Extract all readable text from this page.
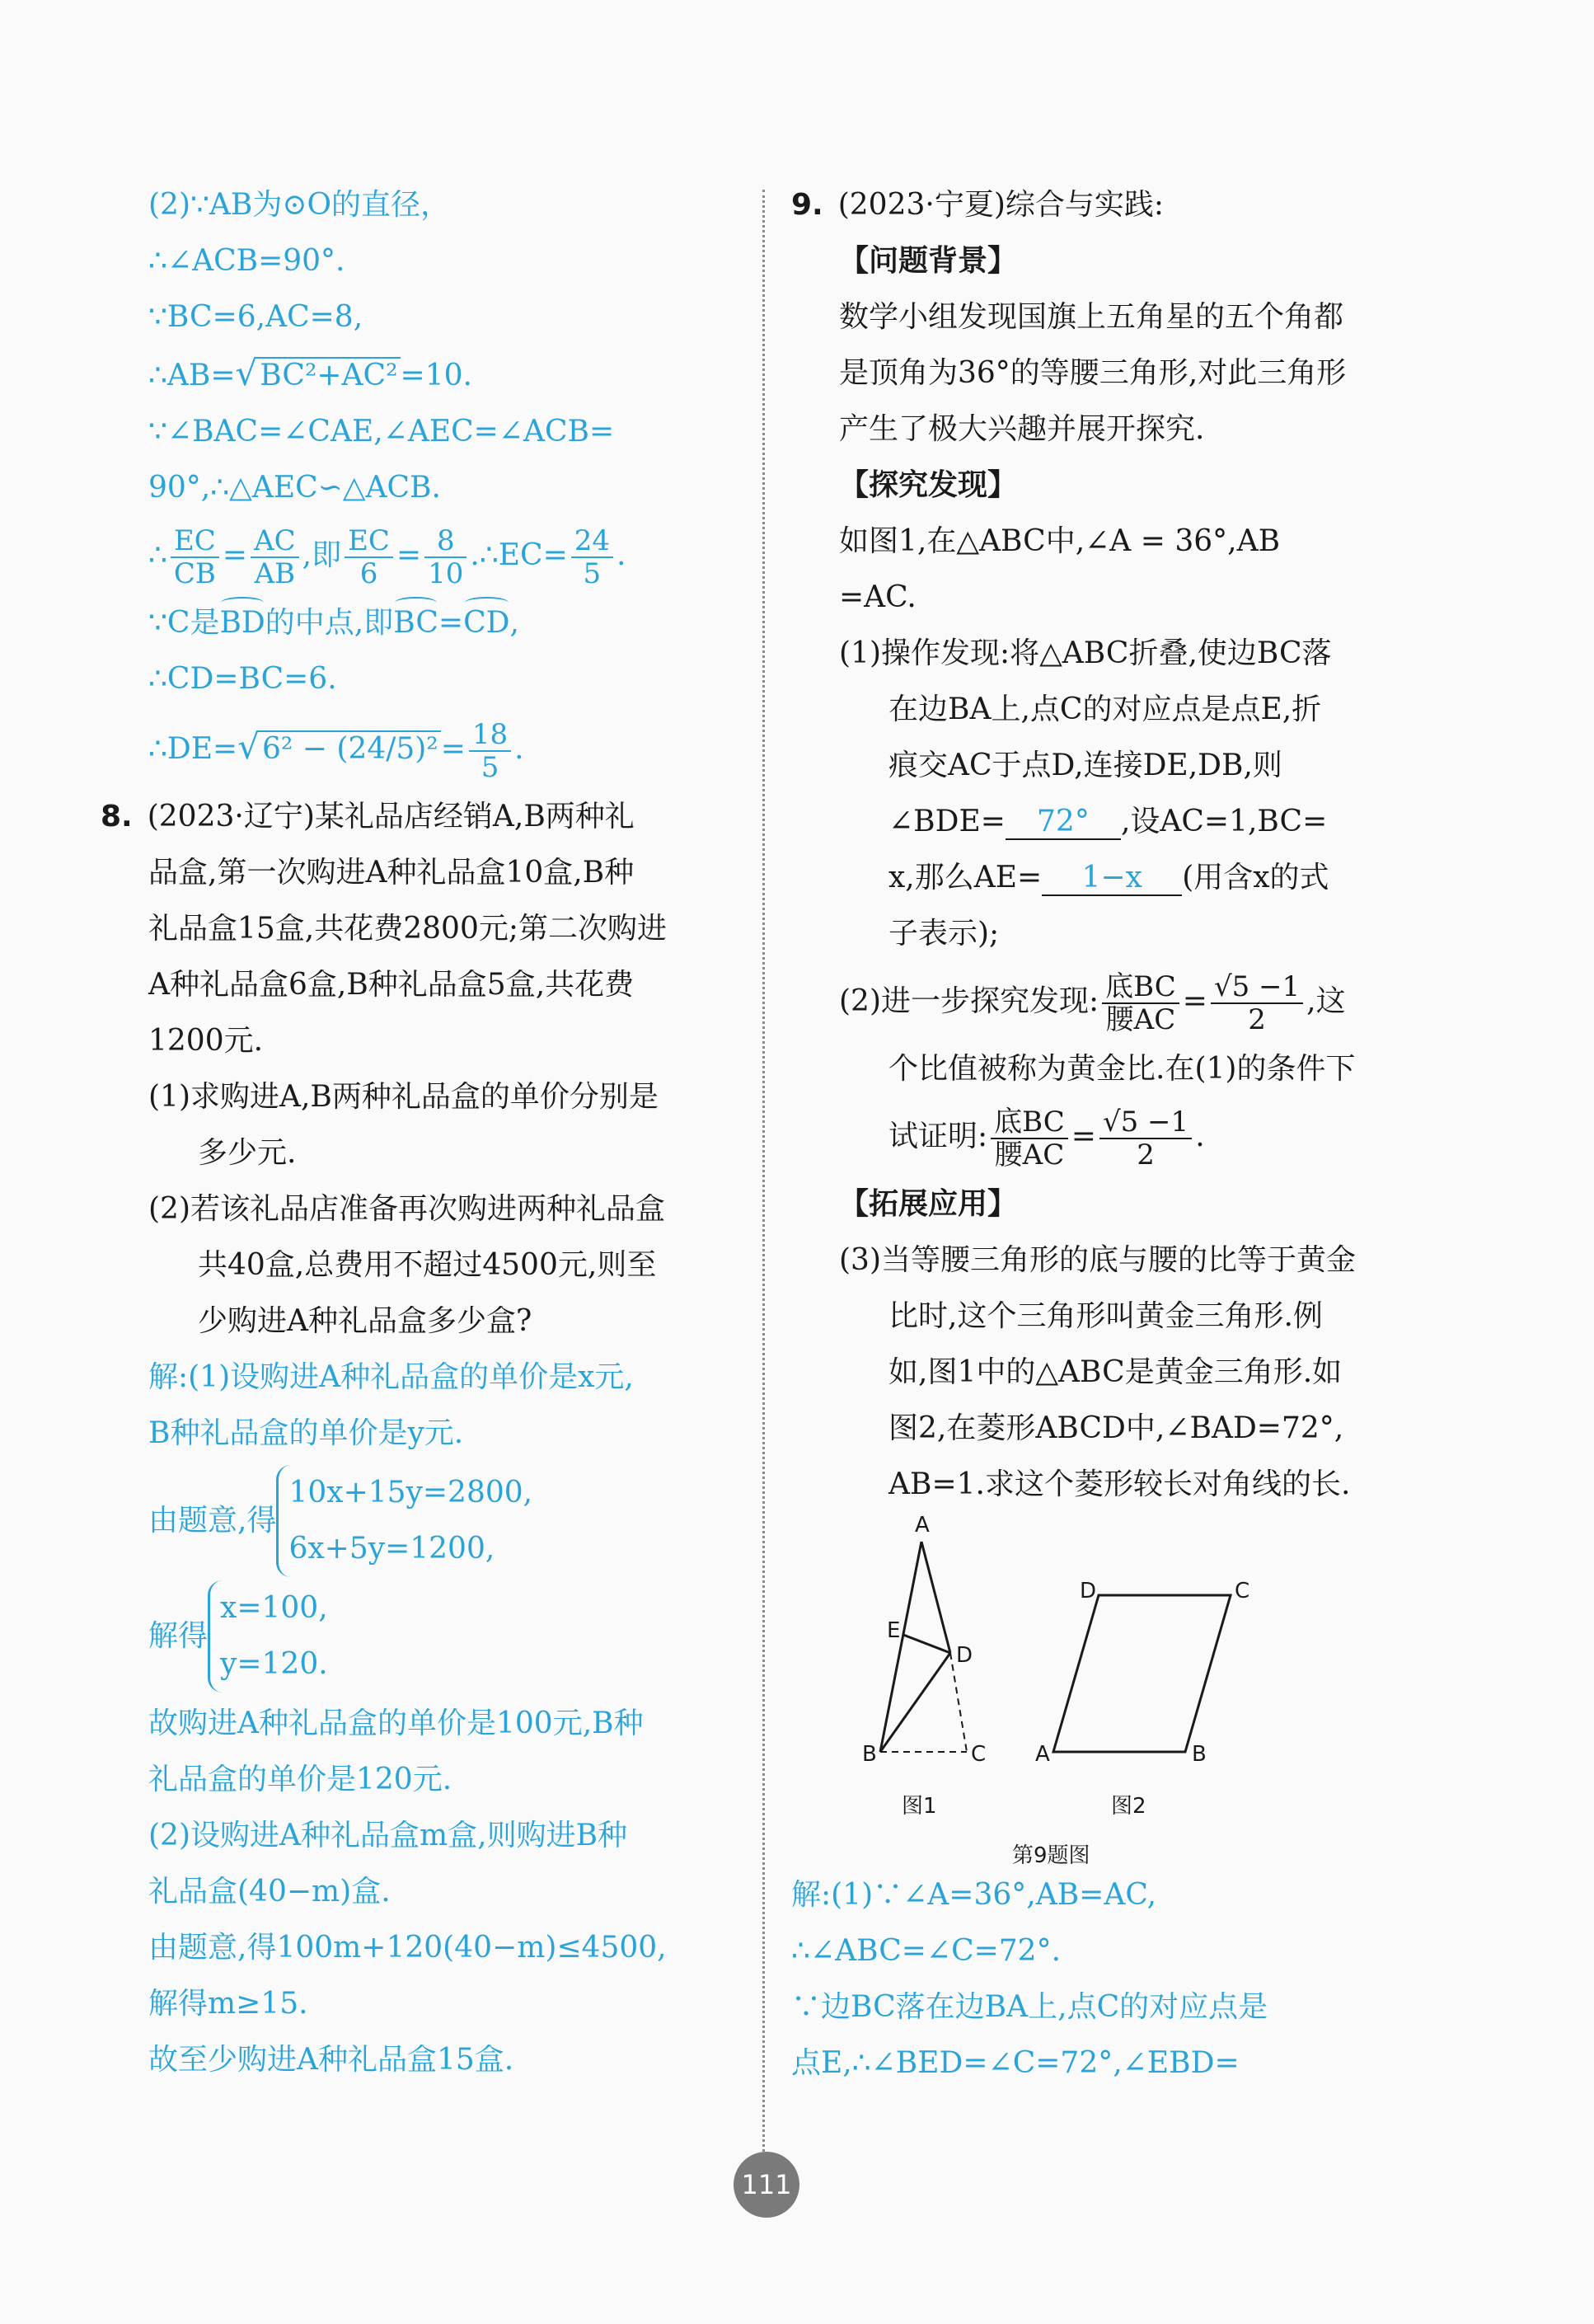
(2)∵AB为⊙O的直径，
∴∠ACB=90°.
∵BC=6,AC=8,
∴AB=√BC²+AC²=10.
∵∠BAC=∠CAE,∠AEC=∠ACB=
90°,∴△AEC∽△ACB.
∴ $\frac{EC}{CB} = \frac{AC}{AB}$ ,即 $\frac{EC}{6} = \frac{8}{10}$ .∴EC= $\frac{24}{5}$ .
∵C是BD的中点,即BC=CD,
∴CD=BC=6.
∴DE=√6² − $(24/5)^2= \frac{18}{5}$ .
8. (2023·辽宁)某礼品店经销A,B两种礼
品盒,第一次购进A种礼品盒10盒,B种
礼品盒15盒,共花费2800元;第二次购进
A种礼品盒6盒,B种礼品盒5盒,共花费
1200元.
(1)求购进A,B两种礼品盒的单价分别是
多少元.
(2)若该礼品店准备再次购进两种礼品盒
共40盒,总费用不超过4500元,则至
少购进A种礼品盒多少盒?
解:(1)设购进A种礼品盒的单价是x元,
B种礼品盒的单价是y元.
由题意,得
10x+15y=2800,
6x+5y=1200,
解得
x=100,
y=120.
故购进A种礼品盒的单价是100元,B种
礼品盒的单价是120元.
(2)设购进A种礼品盒m盒,则购进B种
礼品盒(40−m)盒.
由题意,得100m+120(40−m)≤4500,
解得m≥15.
故至少购进A种礼品盒15盒.
9. (2023·宁夏)综合与实践:
【问题背景】
数学小组发现国旗上五角星的五个角都
是顶角为36°的等腰三角形,对此三角形
产生了极大兴趣并展开探究.
【探究发现】
如图1,在△ABC中,∠A = 36°,AB
=AC.
(1)操作发现:将△ABC折叠,使边BC落
在边BA上,点C的对应点是点E,折
痕交AC于点D,连接DE,DB,则
∠BDE= 72° ,设AC=1,BC=
x,那么AE= 1−x (用含x的式
子表示);
(2)进一步探究发现: $\frac{\text{底BC}}{\text{腰AC}} = \frac{√5 -1}{2}$ ,这
个比值被称为黄金比.在(1)的条件下
试证明: $\frac{\text{底BC}}{\text{腰AC}} = \frac{√5 -1}{2}$ .
【拓展应用】
(3)当等腰三角形的底与腰的比等于黄金
比时,这个三角形叫黄金三角形.例
如,图1中的△ABC是黄金三角形.如
图2,在菱形ABCD中,∠BAD=72°,
AB=1.求这个菱形较长对角线的长.
A
E
D
B	C
D	C
A	B
图1	图2
第9题图
解:(1)∵∠A=36°,AB=AC,
∴∠ABC=∠C=72°.
∵边BC落在边BA上,点C的对应点是
点E,∴∠BED=∠C=72°,∠EBD=
111
